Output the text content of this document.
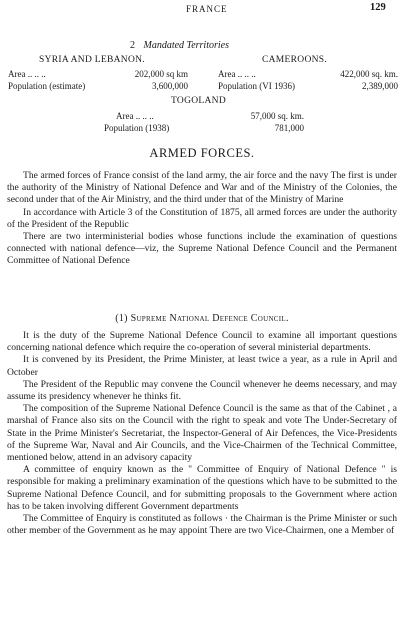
FRANCE	129
2 Mandated Territories
SYRIA AND LEBANON.
Area .. .. ..	202,000 sq km
Population (estimate)	3,600,000
CAMEROONS.
Area .. .. ..	422,000 sq. km.
Population (VI 1936)	2,389,000
TOGOLAND
Area .. .. ..	57,000 sq. km.
Population (1938)	781,000
ARMED FORCES.

The armed forces of France consist of the land army, the air force and the navy The first is under the authority of the Ministry of National Defence and War and of the Ministry of the Colonies, the second under that of the Air Ministry, and the third under that of the Ministry of Marine

In accordance with Article 3 of the Constitution of 1875, all armed forces are under the authority of the President of the Republic

There are two interministerial bodies whose functions include the examination of questions connected with national defence—viz, the Supreme National Defence Council and the Permanent Committee of National Defence

(1) Supreme National Defence Council.

It is the duty of the Supreme National Defence Council to examine all important questions concerning national defence which require the co-operation of several ministerial departments.

It is convened by its President, the Prime Minister, at least twice a year, as a rule in April and October

The President of the Republic may convene the Council whenever he deems necessary, and may assume its presidency whenever he thinks fit.

The composition of the Supreme National Defence Council is the same as that of the Cabinet , a marshal of France also sits on the Council with the right to speak and vote The Under-Secretary of State in the Prime Minister's Secretariat, the Inspector-General of Air Defences, the Vice-Presidents of the Supreme War, Naval and Air Councils, and the Vice-Chairmen of the Technical Committee, mentioned below, attend in an advisory capacity

A committee of enquiry known as the " Committee of Enquiry of National Defence " is responsible for making a preliminary examination of the questions which have to be submitted to the Supreme National Defence Council, and for submitting proposals to the Government where action has to be taken involving different Government departments

The Committee of Enquiry is constituted as follows · the Chairman is the Prime Minister or such other member of the Government as he may appoint There are two Vice-Chairmen, one a Member of
